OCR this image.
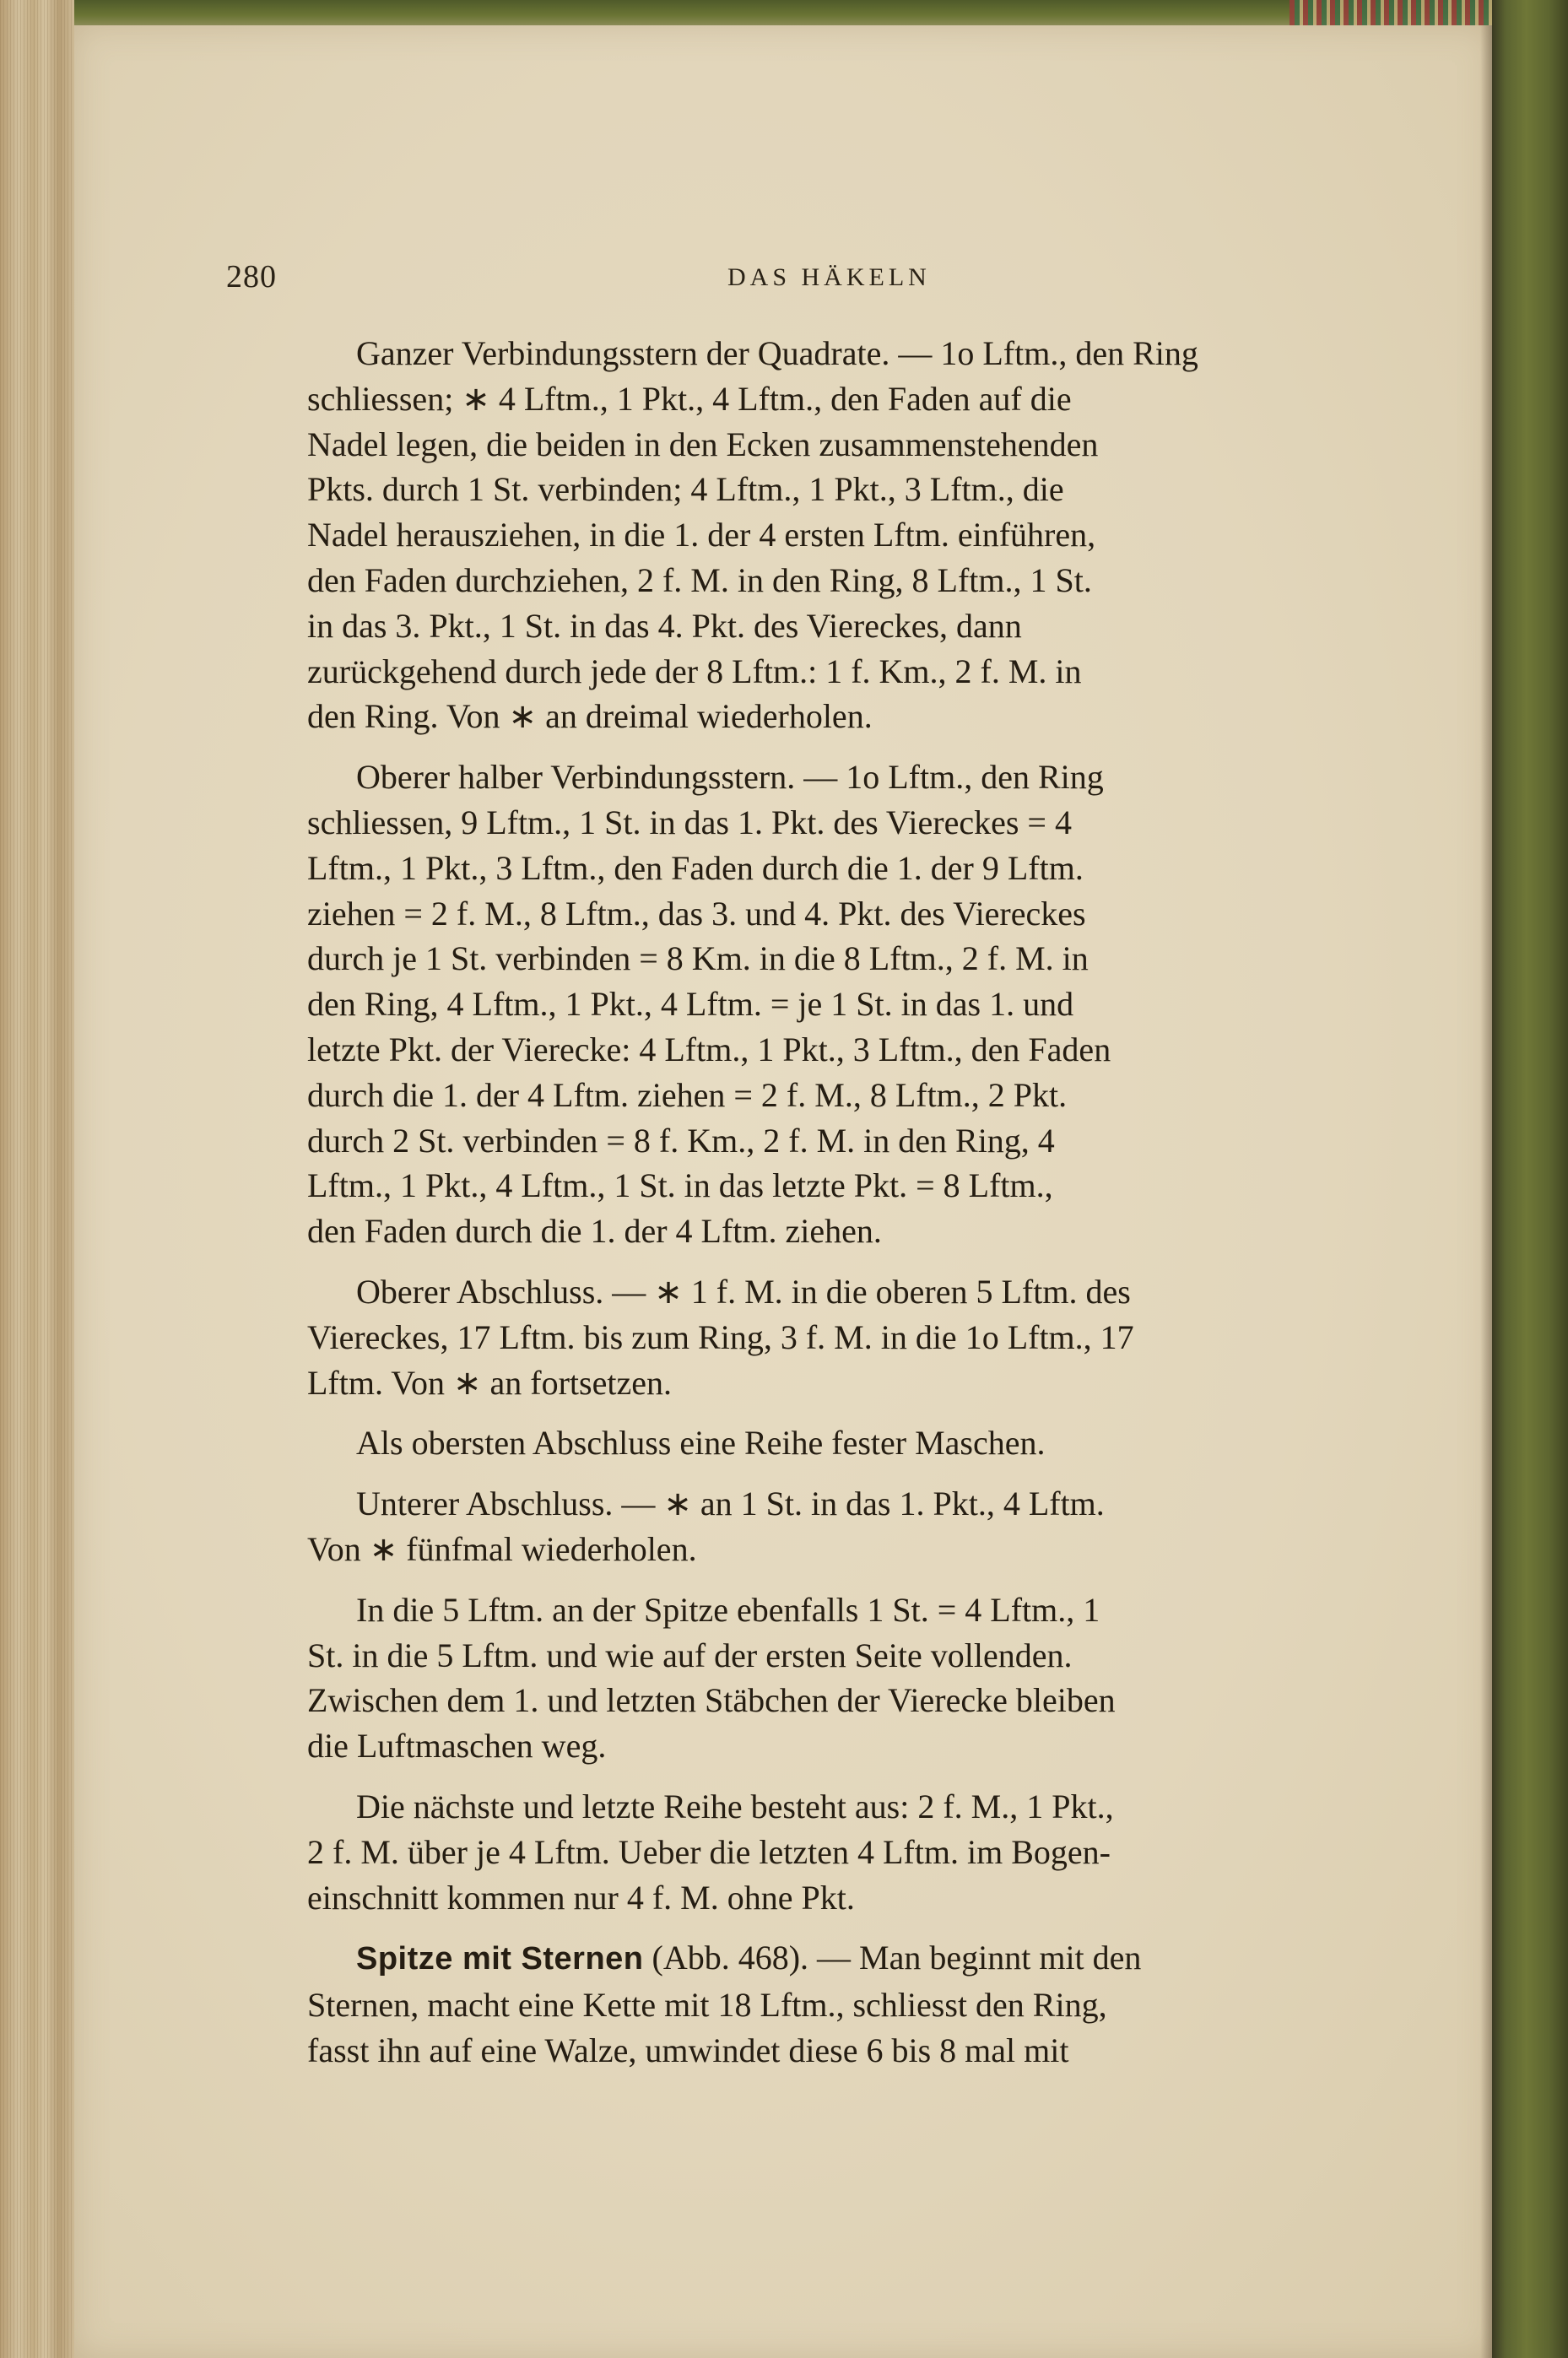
280	DAS HÄKELN
Ganzer Verbindungsstern der Quadrate. — 1o Lftm., den Ring
schliessen; ∗ 4 Lftm., 1 Pkt., 4 Lftm., den Faden auf die
Nadel legen, die beiden in den Ecken zusammenstehenden
Pkts. durch 1 St. verbinden; 4 Lftm., 1 Pkt., 3 Lftm., die
Nadel herausziehen, in die 1. der 4 ersten Lftm. einführen,
den Faden durchziehen, 2 f. M. in den Ring, 8 Lftm., 1 St.
in das 3. Pkt., 1 St. in das 4. Pkt. des Viereckes, dann
zurückgehend durch jede der 8 Lftm.: 1 f. Km., 2 f. M. in
den Ring. Von ∗ an dreimal wiederholen.
Oberer halber Verbindungsstern. — 1o Lftm., den Ring
schliessen, 9 Lftm., 1 St. in das 1. Pkt. des Viereckes = 4
Lftm., 1 Pkt., 3 Lftm., den Faden durch die 1. der 9 Lftm.
ziehen = 2 f. M., 8 Lftm., das 3. und 4. Pkt. des Viereckes
durch je 1 St. verbinden = 8 Km. in die 8 Lftm., 2 f. M. in
den Ring, 4 Lftm., 1 Pkt., 4 Lftm. = je 1 St. in das 1. und
letzte Pkt. der Vierecke: 4 Lftm., 1 Pkt., 3 Lftm., den Faden
durch die 1. der 4 Lftm. ziehen = 2 f. M., 8 Lftm., 2 Pkt.
durch 2 St. verbinden = 8 f. Km., 2 f. M. in den Ring, 4
Lftm., 1 Pkt., 4 Lftm., 1 St. in das letzte Pkt. = 8 Lftm.,
den Faden durch die 1. der 4 Lftm. ziehen.
Oberer Abschluss. — ∗ 1 f. M. in die oberen 5 Lftm. des
Viereckes, 17 Lftm. bis zum Ring, 3 f. M. in die 1o Lftm., 17
Lftm. Von ∗ an fortsetzen.
Als obersten Abschluss eine Reihe fester Maschen.
Unterer Abschluss. — ∗ an 1 St. in das 1. Pkt., 4 Lftm.
Von ∗ fünfmal wiederholen.
In die 5 Lftm. an der Spitze ebenfalls 1 St. = 4 Lftm., 1
St. in die 5 Lftm. und wie auf der ersten Seite vollenden.
Zwischen dem 1. und letzten Stäbchen der Vierecke bleiben
die Luftmaschen weg.
Die nächste und letzte Reihe besteht aus: 2 f. M., 1 Pkt.,
2 f. M. über je 4 Lftm. Ueber die letzten 4 Lftm. im Bogen-
einschnitt kommen nur 4 f. M. ohne Pkt.
Spitze mit Sternen (Abb. 468). — Man beginnt mit den
Sternen, macht eine Kette mit 18 Lftm., schliesst den Ring,
fasst ihn auf eine Walze, umwindet diese 6 bis 8 mal mit
